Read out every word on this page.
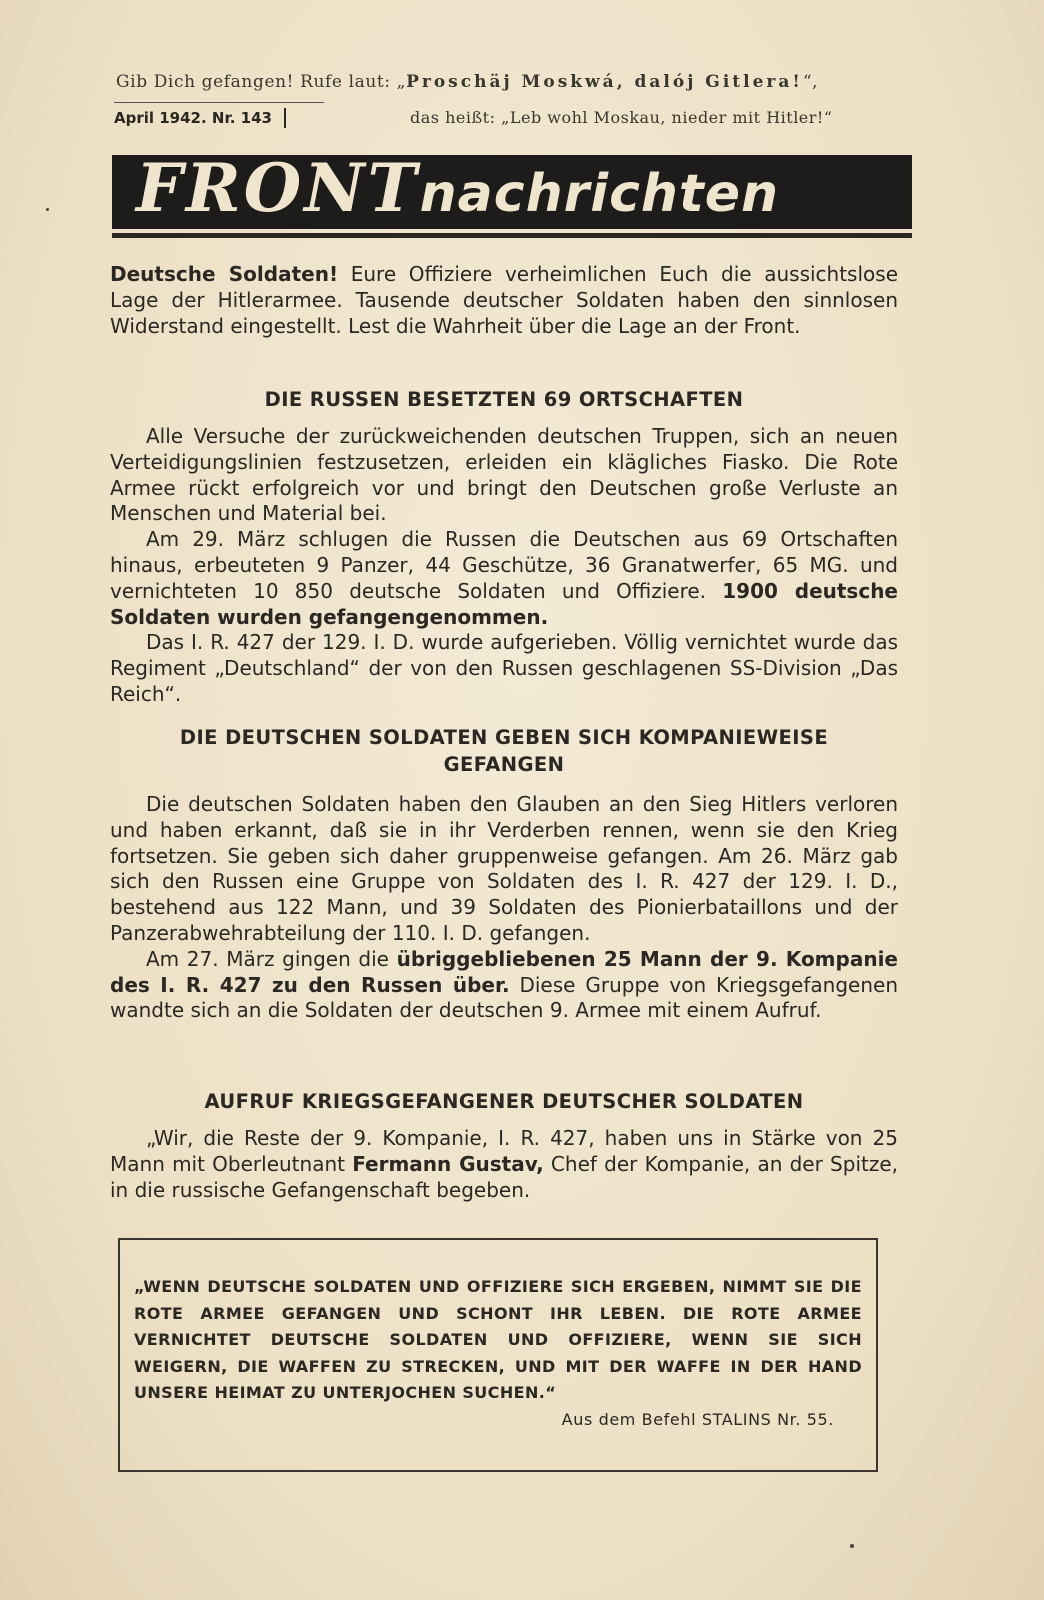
Gib Dich gefangen! Rufe laut: „Proschäj Moskwá, dalój Gitlera!“,
April 1942. Nr. 143	das heißt: „Leb wohl Moskau, nieder mit Hitler!“
FRONTnachrichten

Deutsche Soldaten! Eure Offiziere verheimlichen Euch die aussichtslose Lage der Hitlerarmee. Tausende deutscher Soldaten haben den sinnlosen Widerstand eingestellt. Lest die Wahrheit über die Lage an der Front.

DIE RUSSEN BESETZTEN 69 ORTSCHAFTEN

Alle Versuche der zurückweichenden deutschen Truppen, sich an neuen Verteidigungslinien festzusetzen, erleiden ein klägliches Fiasko. Die Rote Armee rückt erfolgreich vor und bringt den Deutschen große Verluste an Menschen und Material bei.

Am 29. März schlugen die Russen die Deutschen aus 69 Ortschaften hinaus, erbeuteten 9 Panzer, 44 Geschütze, 36 Granatwerfer, 65 MG. und vernichteten 10 850 deutsche Soldaten und Offiziere. 1900 deutsche Soldaten wurden gefangengenommen.

Das I. R. 427 der 129. I. D. wurde aufgerieben. Völlig vernichtet wurde das Regiment „Deutschland“ der von den Russen geschlagenen SS-Division „Das Reich“.

DIE DEUTSCHEN SOLDATEN GEBEN SICH KOMPANIEWEISE
GEFANGEN

Die deutschen Soldaten haben den Glauben an den Sieg Hitlers verloren und haben erkannt, daß sie in ihr Verderben rennen, wenn sie den Krieg fortsetzen. Sie geben sich daher gruppenweise gefangen. Am 26. März gab sich den Russen eine Gruppe von Soldaten des I. R. 427 der 129. I. D., bestehend aus 122 Mann, und 39 Soldaten des Pionierbataillons und der Panzerabwehrabteilung der 110. I. D. gefangen.

Am 27. März gingen die übriggebliebenen 25 Mann der 9. Kompanie des I. R. 427 zu den Russen über. Diese Gruppe von Kriegsgefangenen wandte sich an die Soldaten der deutschen 9. Armee mit einem Aufruf.

AUFRUF KRIEGSGEFANGENER DEUTSCHER SOLDATEN

„Wir, die Reste der 9. Kompanie, I. R. 427, haben uns in Stärke von 25 Mann mit Oberleutnant Fermann Gustav, Chef der Kompanie, an der Spitze, in die russische Gefangenschaft begeben.

„WENN DEUTSCHE SOLDATEN UND OFFIZIERE SICH ERGEBEN, NIMMT SIE DIE ROTE ARMEE GEFANGEN UND SCHONT IHR LEBEN. DIE ROTE ARMEE VERNICHTET DEUTSCHE SOLDATEN UND OFFIZIERE, WENN SIE SICH WEIGERN, DIE WAFFEN ZU STRECKEN, UND MIT DER WAFFE IN DER HAND UNSERE HEIMAT ZU UNTERJOCHEN SUCHEN.“
Aus dem Befehl STALINS Nr. 55.
